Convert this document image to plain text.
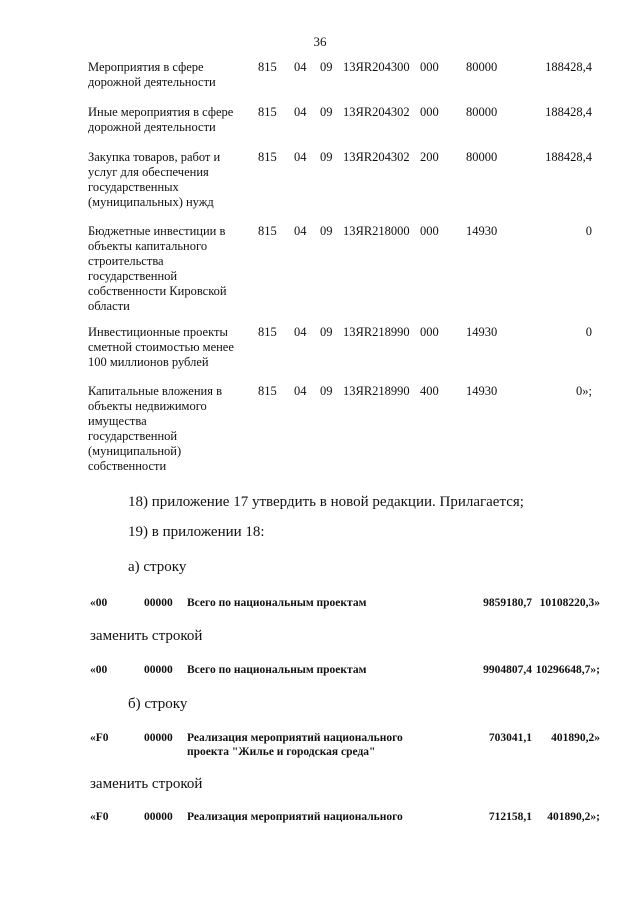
36
Мероприятия в сфере дорожной деятельности
815 04 09 13ЯR204300 000 80000	188428,4
Иные мероприятия в сфере дорожной деятельности
815 04 09 13ЯR204302 000 80000	188428,4
Закупка товаров, работ и услуг для обеспечения государственных (муниципальных) нужд
815 04 09 13ЯR204302 200 80000	188428,4
Бюджетные инвестиции в объекты капитального строительства государственной собственности Кировской области
815 04 09 13ЯR218000 000 14930	0
Инвестиционные проекты сметной стоимостью менее 100 миллионов рублей
815 04 09 13ЯR218990 000 14930	0
Капитальные вложения в объекты недвижимого имущества государственной (муниципальной) собственности
815 04 09 13ЯR218990 400 14930	0»;
18) приложение 17 утвердить в новой редакции. Прилагается;
19) в приложении 18:
а) строку
«00	00000 Всего по национальным проектам	9859180,7 10108220,3»
заменить строкой
«00	00000 Всего по национальным проектам	9904807,4 10296648,7»;
б) строку
«F0	00000 Реализация мероприятий национального проекта "Жилье и городская среда"
703041,1 401890,2»
заменить строкой
«F0	00000 Реализация мероприятий национального	712158,1 401890,2»;
